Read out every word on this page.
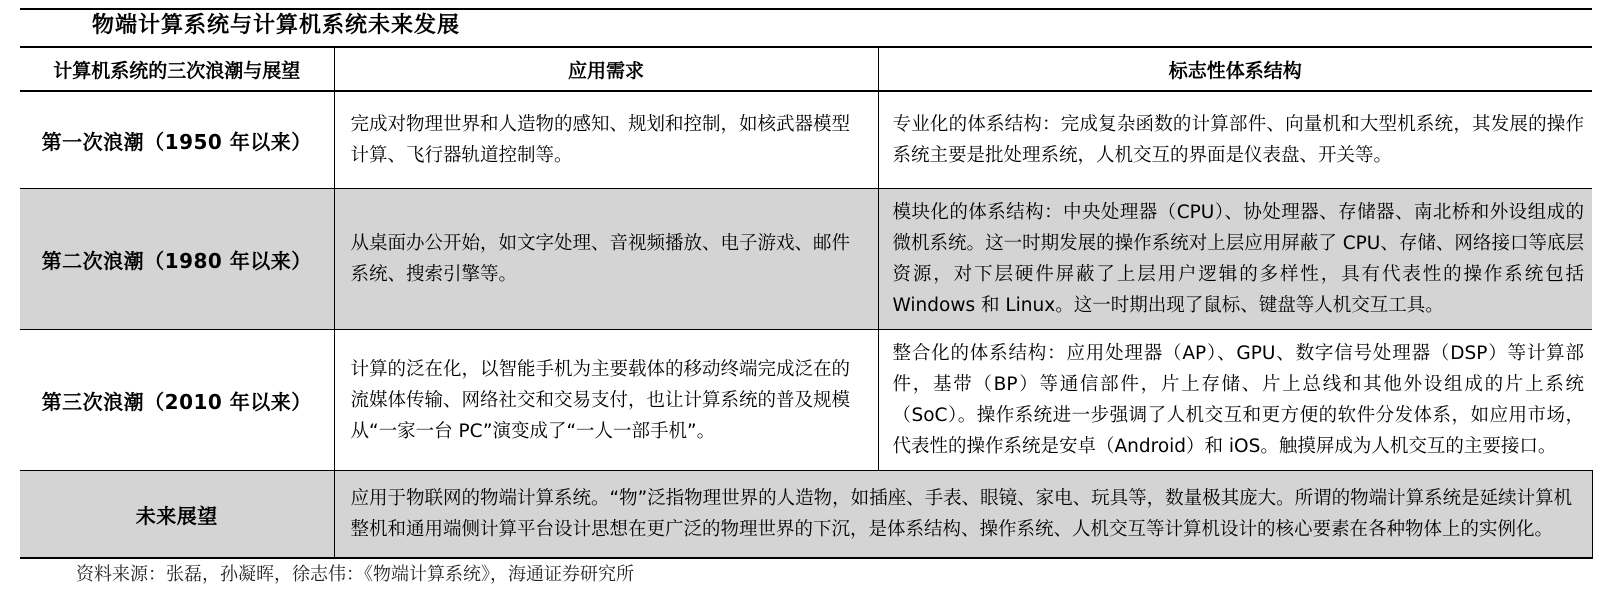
物端计算系统与计算机系统未来发展
计算机系统的三次浪潮与展望	应用需求	标志性体系结构
第一次浪潮（1950 年以来）	完成对物理世界和人造物的感知、规划和控制，如核武器模型计算、飞行器轨道控制等。	专业化的体系结构：完成复杂函数的计算部件、向量机和大型机系统，其发展的操作系统主要是批处理系统，人机交互的界面是仪表盘、开关等。
第二次浪潮（1980 年以来）	从桌面办公开始，如文字处理、音视频播放、电子游戏、邮件系统、搜索引擎等。	模块化的体系结构：中央处理器（CPU）、协处理器、存储器、南北桥和外设组成的微机系统。这一时期发展的操作系统对上层应用屏蔽了 CPU、存储、网络接口等底层资源，对下层硬件屏蔽了上层用户逻辑的多样性，具有代表性的操作系统包括 Windows 和 Linux。这一时期出现了鼠标、键盘等人机交互工具。
第三次浪潮（2010 年以来）	计算的泛在化，以智能手机为主要载体的移动终端完成泛在的流媒体传输、网络社交和交易支付，也让计算系统的普及规模从“一家一台 PC”演变成了“一人一部手机”。	整合化的体系结构：应用处理器（AP）、GPU、数字信号处理器（DSP）等计算部件，基带（BP）等通信部件，片上存储、片上总线和其他外设组成的片上系统（SoC）。操作系统进一步强调了人机交互和更方便的软件分发体系，如应用市场，代表性的操作系统是安卓（Android）和 iOS。触摸屏成为人机交互的主要接口。
未来展望	应用于物联网的物端计算系统。“物”泛指物理世界的人造物，如插座、手表、眼镜、家电、玩具等，数量极其庞大。所谓的物端计算系统是延续计算机整机和通用端侧计算平台设计思想在更广泛的物理世界的下沉，是体系结构、操作系统、人机交互等计算机设计的核心要素在各种物体上的实例化。	
资料来源：张磊，孙凝晖，徐志伟：《物端计算系统》，海通证券研究所
